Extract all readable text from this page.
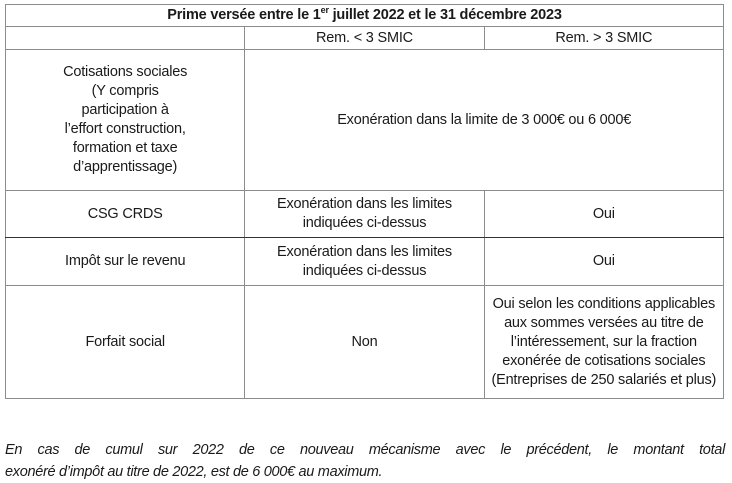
Prime versée entre le 1er juillet 2022 et le 31 décembre 2023		
	Rem. < 3 SMIC	Rem. > 3 SMIC

Cotisations sociales
(Y compris
participation à
l’effort construction,
formation et taxe
d’apprentissage)
	Exonération dans la limite de 3 000€ ou 6 000€
CSG CRDS	Exonération dans les limites
indiquées ci-dessus	Oui
Impôt sur le revenu	Exonération dans les limites
indiquées ci-dessus	Oui
Forfait social	Non	Oui selon les conditions applicables
aux sommes versées au titre de
l’intéressement, sur la fraction
exonérée de cotisations sociales
(Entreprises de 250 salariés et plus)

En cas de cumul sur 2022 de ce nouveau mécanisme avec le précédent, le montant total
exonéré d’impôt au titre de 2022, est de 6 000€ au maximum.
